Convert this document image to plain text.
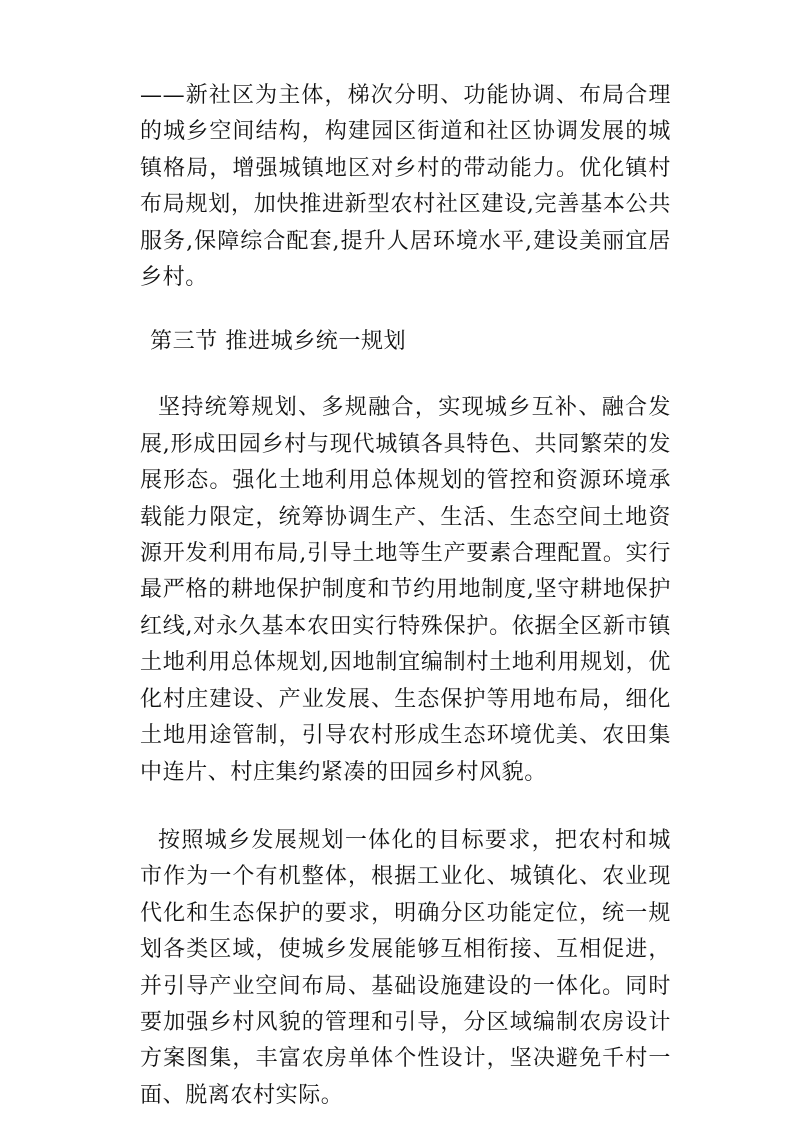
——新社区为主体，梯次分明、功能协调、布局合理的城乡空间结构，构建园区街道和社区协调发展的城镇格局，增强城镇地区对乡村的带动能力。优化镇村布局规划，加快推进新型农村社区建设,完善基本公共服务,保障综合配套,提升人居环境水平,建设美丽宜居乡村。

第三节 推进城乡统一规划

坚持统筹规划、多规融合，实现城乡互补、融合发展,形成田园乡村与现代城镇各具特色、共同繁荣的发展形态。强化土地利用总体规划的管控和资源环境承载能力限定，统筹协调生产、生活、生态空间土地资源开发利用布局,引导土地等生产要素合理配置。实行最严格的耕地保护制度和节约用地制度,坚守耕地保护红线,对永久基本农田实行特殊保护。依据全区新市镇土地利用总体规划,因地制宜编制村土地利用规划，优化村庄建设、产业发展、生态保护等用地布局，细化土地用途管制，引导农村形成生态环境优美、农田集中连片、村庄集约紧凑的田园乡村风貌。

按照城乡发展规划一体化的目标要求，把农村和城市作为一个有机整体，根据工业化、城镇化、农业现代化和生态保护的要求，明确分区功能定位，统一规划各类区域，使城乡发展能够互相衔接、互相促进，并引导产业空间布局、基础设施建设的一体化。同时要加强乡村风貌的管理和引导，分区域编制农房设计方案图集，丰富农房单体个性设计，坚决避免千村一面、脱离农村实际。
